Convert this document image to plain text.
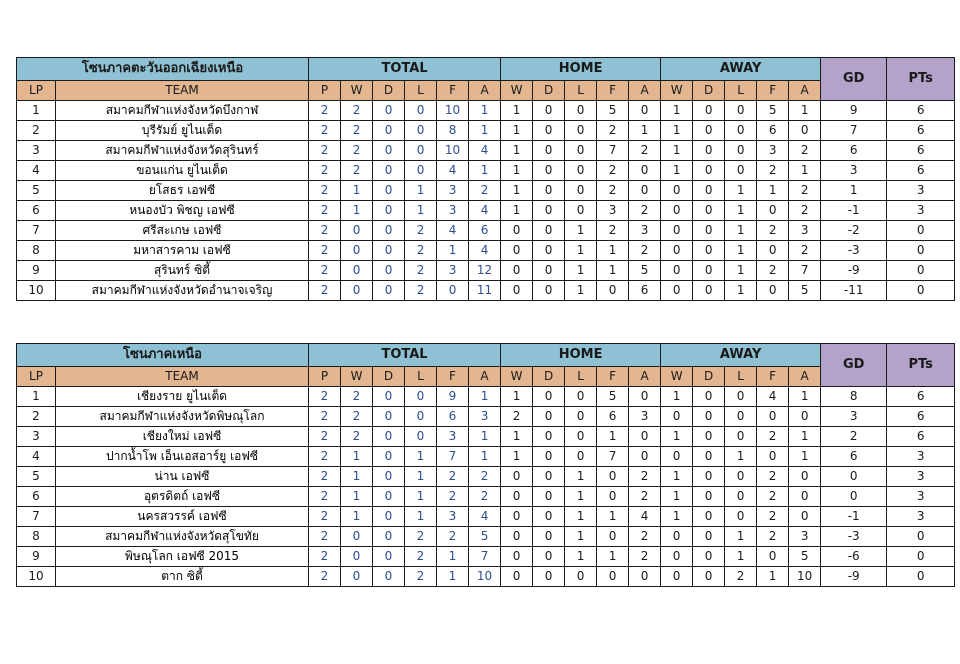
โซนภาคตะวันออกเฉียงเหนือ		TOTAL						HOME					AWAY					GD	PTs
LP	TEAM	P	W	D	L	F	A	W	D	L	F	A	W	D	L	F	A		
1	สมาคมกีฬาแห่งจังหวัดบึงกาฬ	2	2	0	0	10	1	1	0	0	5	0	1	0	0	5	1	9	6
2	บุรีรัมย์ ยูไนเต็ด	2	2	0	0	8	1	1	0	0	2	1	1	0	0	6	0	7	6
3	สมาคมกีฬาแห่งจังหวัดสุรินทร์	2	2	0	0	10	4	1	0	0	7	2	1	0	0	3	2	6	6
4	ขอนแก่น ยูไนเต็ด	2	2	0	0	4	1	1	0	0	2	0	1	0	0	2	1	3	6
5	ยโสธร เอฟซี	2	1	0	1	3	2	1	0	0	2	0	0	0	1	1	2	1	3
6	หนองบัว พิชญ เอฟซี	2	1	0	1	3	4	1	0	0	3	2	0	0	1	0	2	-1	3
7	ศรีสะเกษ เอฟซี	2	0	0	2	4	6	0	0	1	2	3	0	0	1	2	3	-2	0
8	มหาสารคาม เอฟซี	2	0	0	2	1	4	0	0	1	1	2	0	0	1	0	2	-3	0
9	สุรินทร์ ซิตี้	2	0	0	2	3	12	0	0	1	1	5	0	0	1	2	7	-9	0
10	สมาคมกีฬาแห่งจังหวัดอำนาจเจริญ	2	0	0	2	0	11	0	0	1	0	6	0	0	1	0	5	-11	0
โซนภาคเหนือ		TOTAL						HOME					AWAY					GD	PTs
LP	TEAM	P	W	D	L	F	A	W	D	L	F	A	W	D	L	F	A		
1	เชียงราย ยูไนเต็ด	2	2	0	0	9	1	1	0	0	5	0	1	0	0	4	1	8	6
2	สมาคมกีฬาแห่งจังหวัดพิษณุโลก	2	2	0	0	6	3	2	0	0	6	3	0	0	0	0	0	3	6
3	เชียงใหม่ เอฟซี	2	2	0	0	3	1	1	0	0	1	0	1	0	0	2	1	2	6
4	ปากน้ำโพ เอ็นเอสอาร์ยู เอฟซี	2	1	0	1	7	1	1	0	0	7	0	0	0	1	0	1	6	3
5	น่าน เอฟซี	2	1	0	1	2	2	0	0	1	0	2	1	0	0	2	0	0	3
6	อุตรดิตถ์ เอฟซี	2	1	0	1	2	2	0	0	1	0	2	1	0	0	2	0	0	3
7	นครสวรรค์ เอฟซี	2	1	0	1	3	4	0	0	1	1	4	1	0	0	2	0	-1	3
8	สมาคมกีฬาแห่งจังหวัดสุโขทัย	2	0	0	2	2	5	0	0	1	0	2	0	0	1	2	3	-3	0
9	พิษณุโลก เอฟซี 2015	2	0	0	2	1	7	0	0	1	1	2	0	0	1	0	5	-6	0
10	ตาก ซิตี้	2	0	0	2	1	10	0	0	0	0	0	0	0	2	1	10	-9	0
